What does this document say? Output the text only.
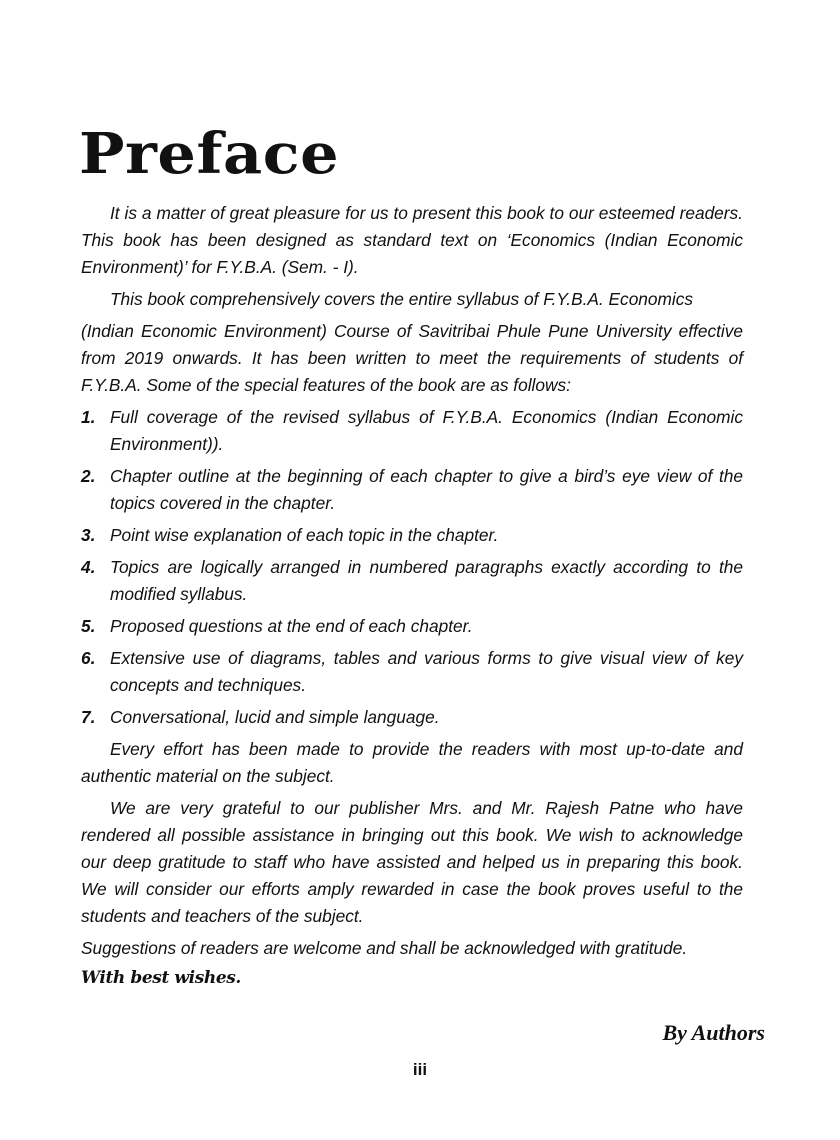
Preface

It is a matter of great pleasure for us to present this book to our esteemed readers. This book has been designed as standard text on ‘Economics (Indian Economic Environment)’ for F.Y.B.A. (Sem. - I).

This book comprehensively covers the entire syllabus of F.Y.B.A. Economics

(Indian Economic Environment) Course of Savitribai Phule Pune University effective from 2019 onwards. It has been written to meet the requirements of students of F.Y.B.A. Some of the special features of the book are as follows:

1. Full coverage of the revised syllabus of F.Y.B.A. Economics (Indian Economic Environment)).
2. Chapter outline at the beginning of each chapter to give a bird’s eye view of the topics covered in the chapter.
3. Point wise explanation of each topic in the chapter.
4. Topics are logically arranged in numbered paragraphs exactly according to the modified syllabus.
5. Proposed questions at the end of each chapter.
6. Extensive use of diagrams, tables and various forms to give visual view of key concepts and techniques.
7. Conversational, lucid and simple language.

Every effort has been made to provide the readers with most up-to-date and authentic material on the subject.

We are very grateful to our publisher Mrs. and Mr. Rajesh Patne who have rendered all possible assistance in bringing out this book. We wish to acknowledge our deep gratitude to staff who have assisted and helped us in preparing this book. We will consider our efforts amply rewarded in case the book proves useful to the students and teachers of the subject.

Suggestions of readers are welcome and shall be acknowledged with gratitude.

With best wishes.
By Authors
iii
